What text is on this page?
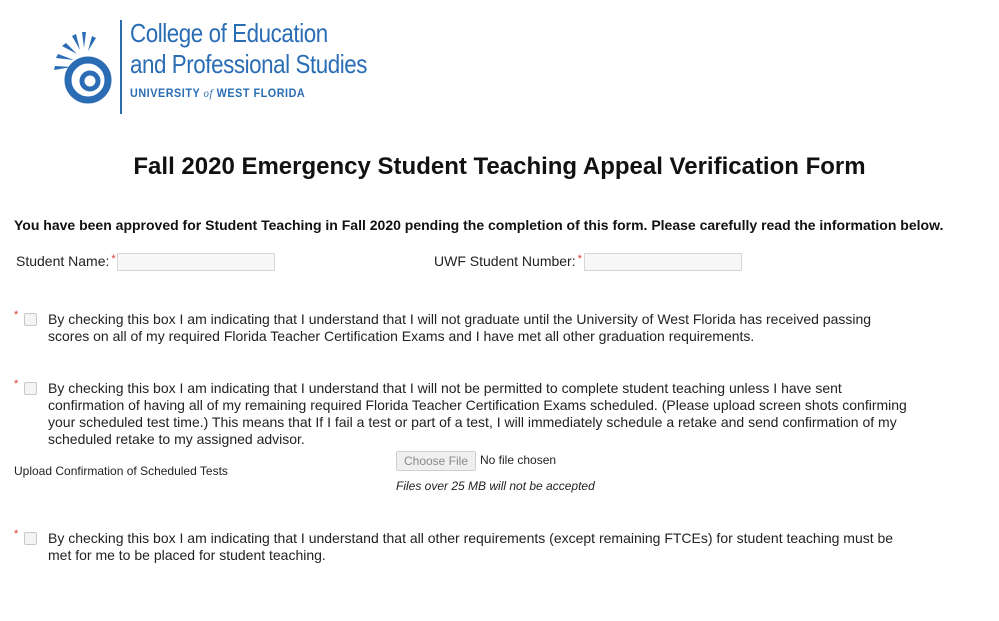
College of Education
and Professional Studies
UNIVERSITY of WEST FLORIDA
Fall 2020 Emergency Student Teaching Appeal Verification Form
You have been approved for Student Teaching in Fall 2020 pending the completion of this form. Please carefully read the information below.
Student Name: *	UWF Student Number: *
* By checking this box I am indicating that I understand that I will not graduate until the University of West Florida has received passing scores on all of my required Florida Teacher Certification Exams and I have met all other graduation requirements.
* By checking this box I am indicating that I understand that I will not be permitted to complete student teaching unless I have sent confirmation of having all of my remaining required Florida Teacher Certification Exams scheduled. (Please upload screen shots confirming your scheduled test time.) This means that If I fail a test or part of a test, I will immediately schedule a retake and send confirmation of my scheduled retake to my assigned advisor.
Upload Confirmation of Scheduled Tests
Choose File No file chosen
Files over 25 MB will not be accepted
* By checking this box I am indicating that I understand that all other requirements (except remaining FTCEs) for student teaching must be met for me to be placed for student teaching.
